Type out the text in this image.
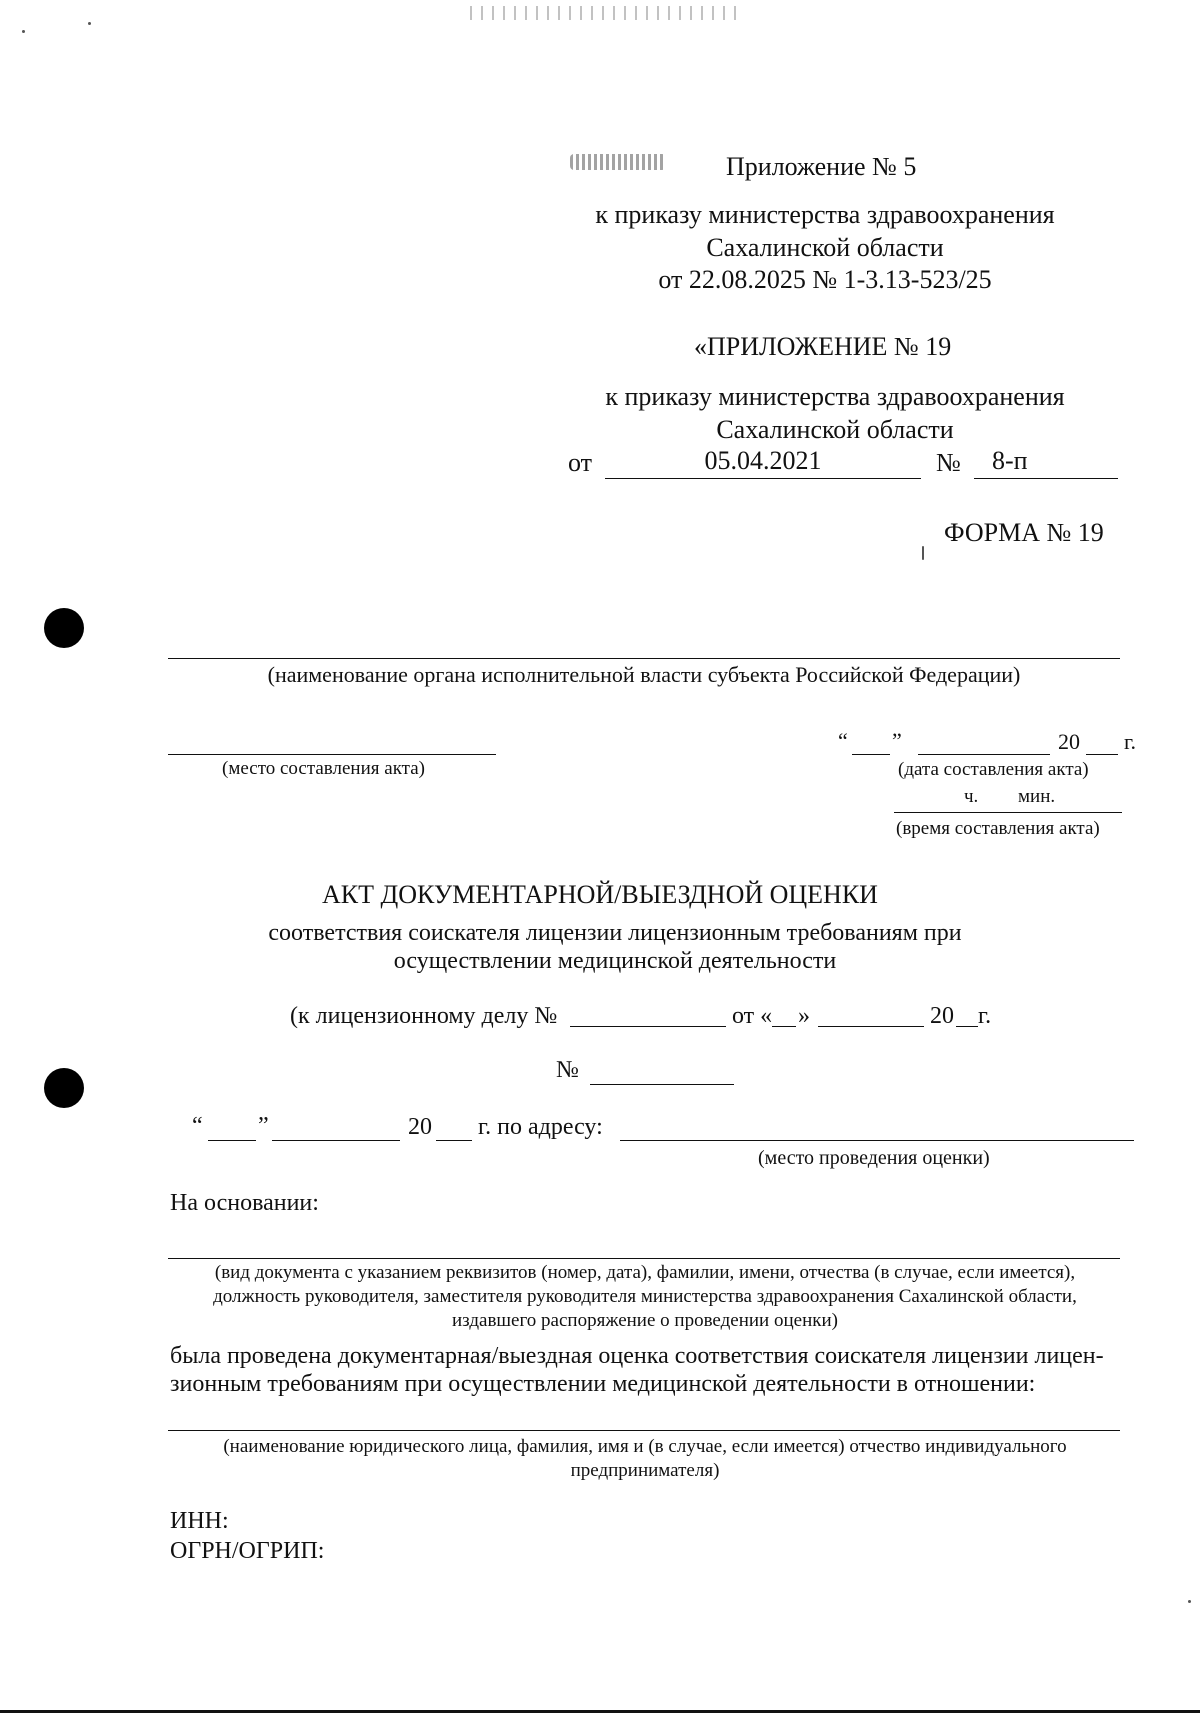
Приложение № 5
к приказу министерства здравоохранения
Сахалинской области
от 22.08.2025 № 1-3.13-523/25
«ПРИЛОЖЕНИЕ № 19
к приказу министерства здравоохранения
Сахалинской области
от	05.04.2021	№ 8-п
ФОРМА № 19
(наименование органа исполнительной власти субъекта Российской Федерации)
(место составления акта)
“ ”	20 г.
(дата составления акта)
ч. мин.
(время составления акта)
АКТ ДОКУМЕНТАРНОЙ/ВЫЕЗДНОЙ ОЦЕНКИ
соответствия соискателя лицензии лицензионным требованиям при
осуществлении медицинской деятельности
(к лицензионному делу №	от « »	20 г.
№
“ ”	20 г. по адресу:
(место проведения оценки)
На основании:
(вид документа с указанием реквизитов (номер, дата), фамилии, имени, отчества (в случае, если имеется),
должность руководителя, заместителя руководителя министерства здравоохранения Сахалинской области,
издавшего распоряжение о проведении оценки)
была проведена документарная/выездная оценка соответствия соискателя лицензии лицен-
зионным требованиям при осуществлении медицинской деятельности в отношении:
(наименование юридического лица, фамилия, имя и (в случае, если имеется) отчество индивидуального
предпринимателя)
ИНН:
ОГРН/ОГРИП:
